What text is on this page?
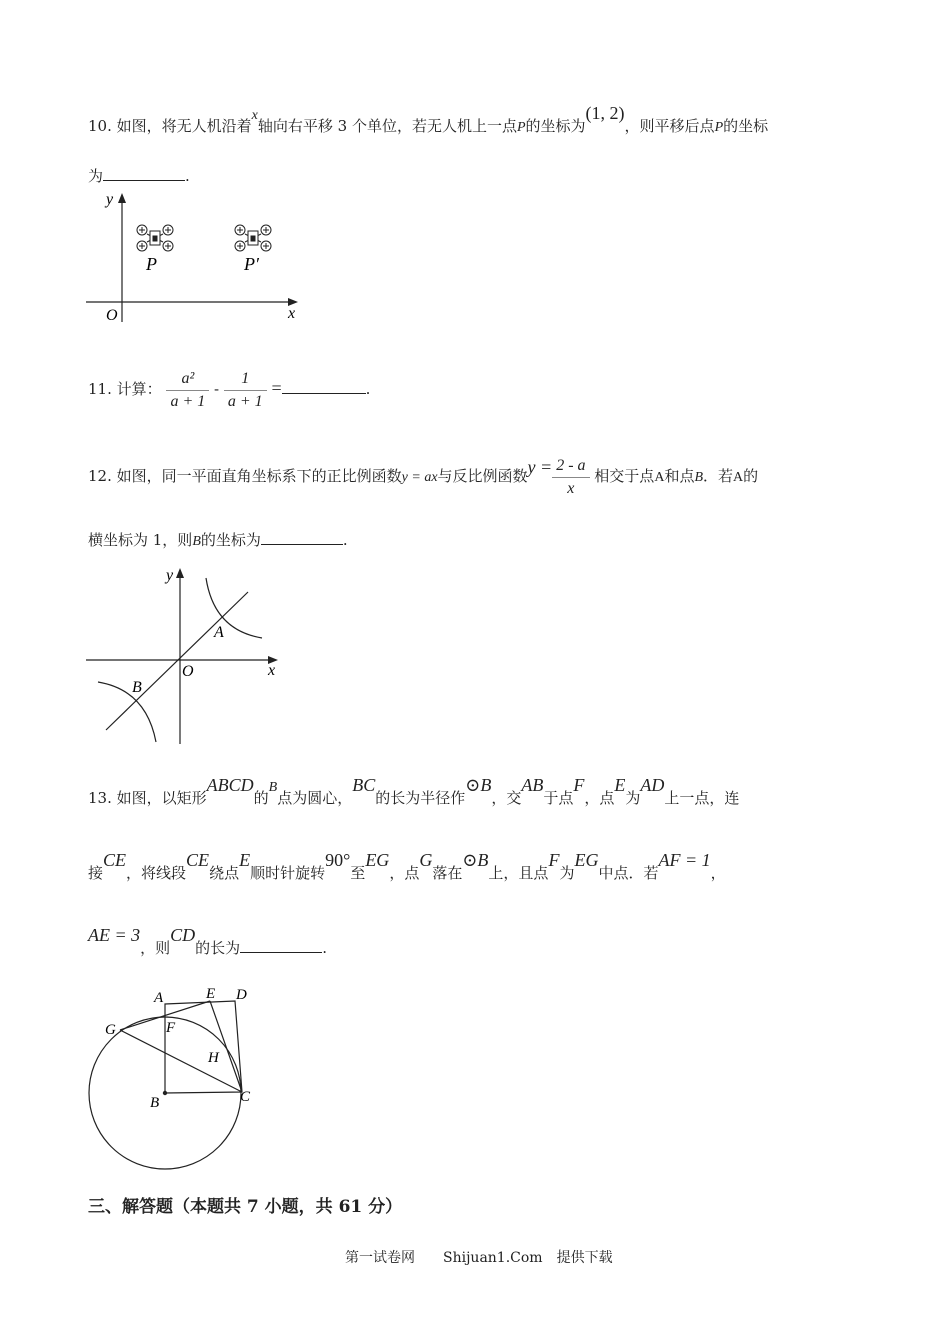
10. 如图，将无人机沿着x轴向右平移 3 个单位，若无人机上一点P的坐标为(1, 2)，则平移后点P的坐标
为	.
y
x
O
P	P′
11. 计算： $\frac{\text{a²}}{a + 1} - \frac{1}{a + 1}$ =	.
12. 如图，同一平面直角坐标系下的正比例函数y = ax与反比例函数$y = \frac{2 - a}{x}$ 相交于点A和点B．若A的
横坐标为 1，则B的坐标为	.
y
x
O
A
B
13. 如图，以矩形ABCD的B点为圆心，BC的长为半径作⊙B，交AB于点F，点E为AD上一点，连
接CE，将线段CE绕点E顺时针旋转90°至EG，点G落在⊙B上，且点F为EG中点．若AF = 1，
AE = 3，则CD的长为	.
A	E D
G	F
H
B	C
三、解答题（本题共 7 小题，共 61 分）
第一试卷网　　Shijuan1.Com　提供下载
